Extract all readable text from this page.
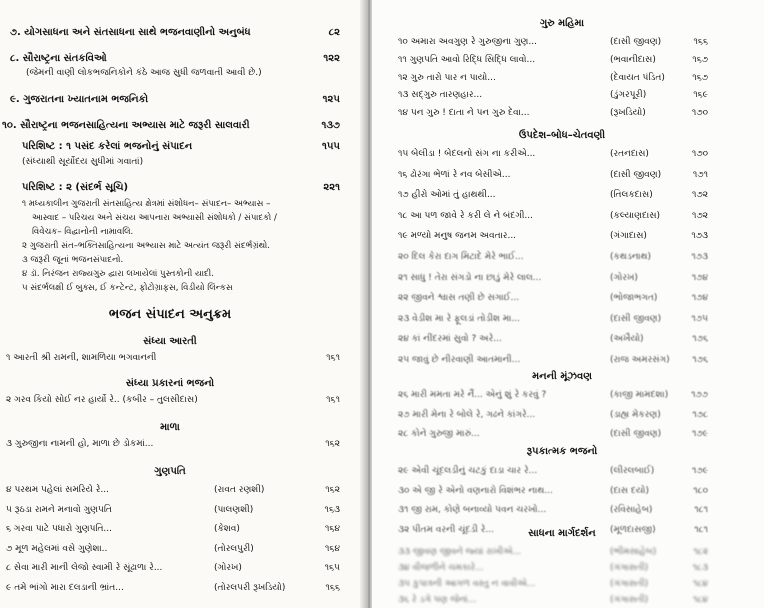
૭. યોગસાધના અને સંતસાધના સાથે ભજનવાણીનો અનુબંધ	૮૨
૮. સૌરાષ્ટ્રના સંતકવિઓ	૧૨૨
(જેમની વાણી લોકભજનિકોને કંઠે આજ સુધી જળવાતી આવી છે.)
૯. ગુજરાતના ખ્યાતનામ ભજનિકો	૧૨૫
૧૦. સૌરાષ્ટ્રના ભજનસાહિત્યના અભ્યાસ માટે જરૂરી સાલવારી	૧૩૭
પરિશિષ્ટ : ૧ પસંદ કરેલાં ભજનોનું સંપાદન	૧૫૫
(સંધ્યાથી સૂર્યોદય સુધીમાં ગવાતાં)
પરિશિષ્ટ : ૨ (સંદર્ભ સૂચિ)	૨૨૧
૧ મધ્યકાલીન ગુજરાતી સંતસાહિત્ય ક્ષેત્રમાં સંશોધન– સંપાદન– અભ્યાસ –
આસ્વાદ – પરિચય અને સંચય આપનારા અભ્યાસી સંશોધકો / સંપાદકો /
વિવેચક– વિદ્વાનોની નામાવલિ.
૨ ગુજરાતી સંત–ભક્તિસાહિત્યના અભ્યાસ માટે અત્યંત જરૂરી સંદર્ભગ્રંથો.
૩ જરૂરી જૂનાં ભજનસંપાદનો.
૪ ડૉ. નિરંજન રાજ્યગુરુ દ્વારા લખાયેલાં પુસ્તકોની યાદી.
૫ સંદર્ભલક્ષી ઈ બુક્સ, ઈ કન્ટેન્ટ, ફોટોગ્રાફસ, વિડીયો લિંન્કસ
ભજન સંપાદન અનુક્રમ
સંધ્યા આરતી
૧ આરતી શ્રી રામની, શામળિયા ભગવાનની	૧૬૧
સંધ્યા પ્રકારનાં ભજનો
૨ ગરવ કિયો સોઈ નર હાર્યો રે.. (કબીર – તુલસીદાસ)	૧૬૧
માળા
૩ ગુરુજીના નામની હો, માળા છે ડોકમાં...	૧૬૨
ગુણપતિ
૪ પરથમ પહેલાં સમરિયે રે...	(રાવત રણશી)	૧૬૨
૫ રૂઠડા રામને મનાવો ગુણપતિ	(પાલણશી)	૧૬૩
૬ ગરવા પાટે પધારો ગુણપતિ...	(કેશવ)	૧૬૪
૭ મૂળ મહેલમાં વસે ગુણેશા..	(તોરલપુરી)	૧૬૪
૮ સેવા મારી માની લેજો સ્વામી રે સૂંઢાળા રે...	(ગોરખ)	૧૬૫
૯ તમે ભાંગો મારા દલડાની ભ્રાંત...	(તોરલપરી રૂખડિયો)	૧૬૬
ગુરુ મહિમા
૧૦ અમારા અવગુણ રે ગુરુજીના ગુણ...	(દાસી જીવણ)	૧૬૬
૧૧ ગુણપતિ આવો રિદ્ધિ સિદ્ધિ લાવો...	(ભવાનીદાસ)	૧૬૭
૧૨ ગુરુ તારો પાર ન પાયો...	(દેવાયત પંડિત)	૧૬૭
૧૩ સદ્‌ગુરુ તારણહાર...	(ડુંગરપૂરી)	૧૬૯
૧૪ પન ગુરુ ! દાતા ને પન ગુરુ દેવા...	(રૂખડિયો)	૧૭૦
ઉપદેશ–બોધ–ચેતવણી
૧૫ બેલીડા ! બેદલનો સંગ ના કરીએ...	(રતનદાસ)	૧૭૦
૧૬ ઢોરંગા ભેળાં રે નવ બેસીએ...	(દાસી જીવણ)	૧૭૧
૧૭ હીરો ઓમાં તું હાથથી...	(તિલકદાસ)	૧૭૨
૧૮ આ પળ જાવે રે કરી લે ને બંદગી...	(કલ્યાણદાસ)	૧૭૨
૧૯ મળ્યો મનુષ જનમ અવતાર...	(ગંગાદાસ)	૧૭૩
૨૦ દિલ કેરા દાગ મિટાદે મેરે ભાઈ...	(કથડનાથ)	૧૭૩
૨૧ સાધુ ! તેરા સંગડો ના છાડું મેરે લાલ...	(ગોરખ)	૧૭૪
૨૨ જીવને શ્વાસ તણી છે સગાઈ...	(ભોજાભગત)	૧૭૪
૨૩ વેડીશ મા રે ફૂલડાં તોડીશ મા...	(દાસી જીવણ)	૧૭૫
૨૪ કાં નીંદરમાં સુવો ? અરે...	(અખૈયો)	૧૭૬
૨૫ જાવું છે નીરવાણી આતમાની...	(રાજ અમરસંગ)	૧૭૬
મનની મૂંઝવણ
૨૬ મારી મમતા મરે નૈં... એનું શું રે કરવું ?	(કાજી મામદશા)	૧૭૭
૨૭ મારી મેના રે બોલે રે, ગઢને કાંગરે...	(ડાહ્ય મેકરણ)	૧૭૮
૨૮ કોને ગુરુજી મારું...	(દાસી જીવણ)	૧૭૯
રૂપકાત્મક ભજનો
૨૯ એવી ચૂંદલડીનું ચટકું દાડા ચાર રે...	(લીરલબાઈ)	૧૭૯
૩૦ એ જી રે એનો વણનારો વિશંભર નાથ...	(દાસ દયો)	૧૮૦
૩૧ જી રામ, કોણે બનાવ્યો પવન ચરખો...	(રવિસાહેબ)	૧૮૧
૩૨ પીતમ વરની ચૂંદડી રે...	(મૂળદાસજી)	૧૮૧
સાધના માર્ગદર્શન
૩૩ જીવણ જીવને જ્યાં રાખીએ...	(ભીમસાહેબ)	૧૮૨
૩૪ વીજળીને ચમકારે...	(ગંગાસતી)	૧૮૩
૩૫ કુપાત્રની આગળ વસ્તુ ન વાવીએ...	(ગંગાસતી)	૧૮૪
૩૬ રે ડગે પણ જેનાં...	(ગંગાસતી)	૧૮૪
